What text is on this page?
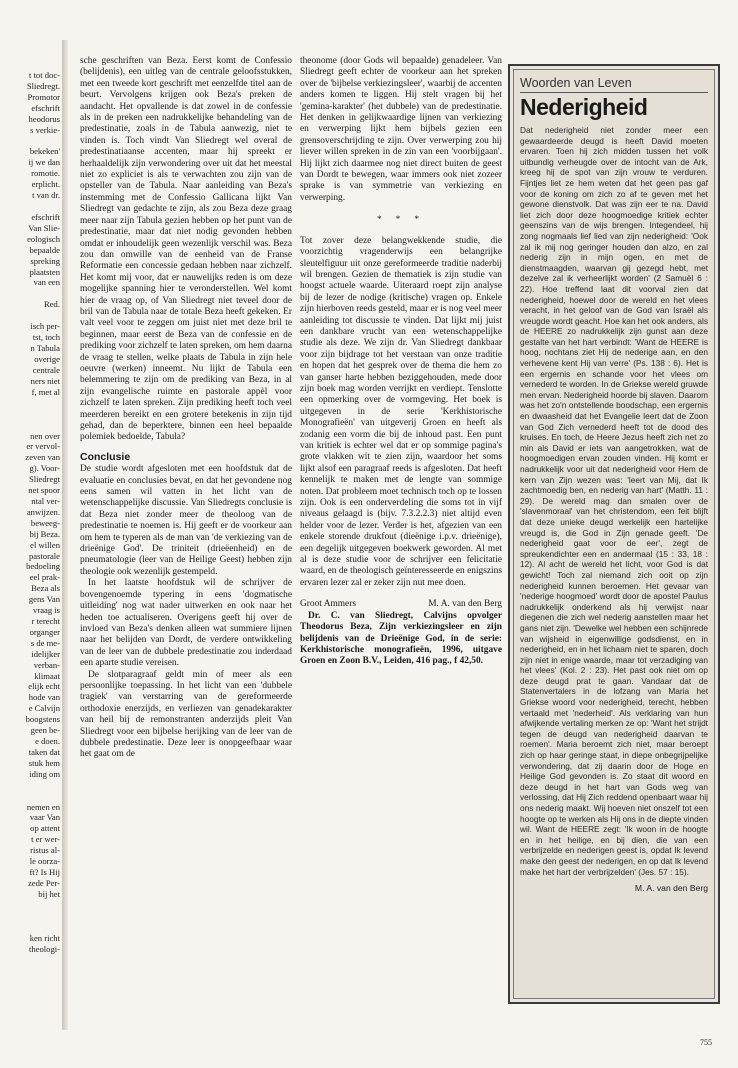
t tot doc-

Sliedregt.

Promotor

efschrift

heodorus

s verkie-

bekeken'

ij we dan

romotie.

erplicht.

t van dr.

efschrift

Van Slie-

eologisch

bepaalde

spreking

plaatsten

van een

Red.

isch per-

tst, toch

n Tabula

overige

centrale

ners niet

f, met al

nen over

er vervol-

zeven van

g). Voor-

Sliedregt

net spoor

ntal ver-

anwijzen.

beweeg-

bij Beza.

el willen

pastorale

bedoeling

eel prak-

Beza als

gens Van

vraag is

r terecht

organger

s de me-

idelijker

verban-

klimaat

elijk echt

hode van

e Calvijn

boogstens

geen be-

e doen.

taken dat

stuk hem

iding om

nemen en

vaar Van

op attent

t er wer-

ristus al-

le oorza-

ft? Is Hij

zede Per-

bij het

ken richt

theologi-

sche geschriften van Beza. Eerst komt de Confessio (belijdenis), een uitleg van de centrale geloofsstukken, met een tweede kort geschrift met eenzelfde titel aan de beurt. Vervolgens krijgen ook Beza's preken de aandacht. Het opvallende is dat zowel in de confessie als in de preken een nadrukkelijke behandeling van de predestinatie, zoals in de Tabula aanwezig, niet te vinden is. Toch vindt Van Sliedregt wel overal de predestinatiaanse accenten, maar hij spreekt er herhaaldelijk zijn verwondering over uit dat het meestal niet zo expliciet is als te verwachten zou zijn van de opsteller van de Tabula. Naar aanleiding van Beza's instemming met de Confessio Gallicana lijkt Van Sliedregt van gedachte te zijn, als zou Beza deze graag meer naar zijn Tabula gezien hebben op het punt van de predestinatie, maar dat niet nodig gevonden hebben omdat er inhoudelijk geen wezenlijk verschil was. Beza zou dan omwille van de eenheid van de Franse Reformatie een concessie gedaan hebben naar zichzelf. Het komt mij voor, dat er nauwelijks reden is om deze mogelijke spanning hier te veronderstellen. Wel komt hier de vraag op, of Van Sliedregt niet teveel door de bril van de Tabula naar de totale Beza heeft gekeken. Er valt veel voor te zeggen om juist niet met deze bril te beginnen, maar eerst de Beza van de confessie en de prediking voor zichzelf te laten spreken, om hem daarna de vraag te stellen, welke plaats de Tabula in zijn hele oeuvre (werken) inneemt. Nu lijkt de Tabula een belemmering te zijn om de prediking van Beza, in al zijn evangelische ruimte en pastorale appèl voor zichzelf te laten spreken. Zijn prediking heeft toch veel meerderen bereikt en een grotere betekenis in zijn tijd gehad, dan de beperktere, binnen een heel bepaalde polemiek bedoelde, Tabula?

Conclusie

De studie wordt afgesloten met een hoofdstuk dat de evaluatie en conclusies bevat, en dat het gevondene nog eens samen wil vatten in het licht van de wetenschappelijke discussie. Van Sliedregts conclusie is dat Beza niet zonder meer de theoloog van de predestinatie te noemen is. Hij geeft er de voorkeur aan om hem te typeren als de man van 'de verkiezing van de drieënige God'. De triniteit (drieëenheid) en de pneumatologie (leer van de Heilige Geest) hebben zijn theologie ook wezenlijk gestempeld.

In het laatste hoofdstuk wil de schrijver de bovengenoemde typering in eens 'dogmatische uitleiding' nog wat nader uitwerken en ook naar het heden toe actualiseren. Overigens geeft hij over de invloed van Beza's denken alleen wat summiere lijnen naar het belijden van Dordt, de verdere ontwikkeling van de leer van de dubbele predestinatie zou inderdaad een aparte studie vereisen.

De slotparagraaf geldt min of meer als een persoonlijke toepassing. In het licht van een 'dubbele tragiek' van verstarring van de gereformeerde orthodoxie enerzijds, en verliezen van genadekarakter van heil bij de remonstranten anderzijds pleit Van Sliedregt voor een bijbelse herijking van de leer van de dubbele predestinatie. Deze leer is onopgeefbaar waar het gaat om de

theonome (door Gods wil bepaalde) genadeleer. Van Sliedregt geeft echter de voorkeur aan het spreken over de 'bijbelse verkiezingsleer', waarbij de accenten anders komen te liggen. Hij stelt vragen bij het 'gemina-karakter' (het dubbele) van de predestinatie. Het denken in gelijkwaardige lijnen van verkiezing en verwerping lijkt hem bijbels gezien een grensoverschrijding te zijn. Over verwerping zou hij liever willen spreken in de zin van een 'voorbijgaan'. Hij lijkt zich daarmee nog niet direct buiten de geest van Dordt te bewegen, waar immers ook niet zozeer sprake is van symmetrie van verkiezing en verwerping.

* * *

Tot zover deze belangwekkende studie, die voorzichtig vragenderwijs een belangrijke sleutelfiguur uit onze gereformeerde traditie naderbij wil brengen. Gezien de thematiek is zijn studie van hoogst actuele waarde. Uiteraard roept zijn analyse bij de lezer de nodige (kritische) vragen op. Enkele zijn hierboven reeds gesteld, maar er is nog veel meer aanleiding tot discussie te vinden. Dat lijkt mij juist een dankbare vrucht van een wetenschappelijke studie als deze. We zijn dr. Van Sliedregt dankbaar voor zijn bijdrage tot het verstaan van onze traditie en hopen dat het gesprek over de thema die hem zo van ganser harte hebben beziggehouden, mede door zijn boek mag worden verrijkt en verdiept. Tenslotte een opmerking over de vormgeving. Het boek is uitgegeven in de serie 'Kerkhistorische Monografieën' van uitgeverij Groen en heeft als zodanig een vorm die bij de inhoud past. Een punt van kritiek is echter wel dat er op sommige pagina's grote vlakken wit te zien zijn, waardoor het soms lijkt alsof een paragraaf reeds is afgesloten. Dat heeft kennelijk te maken met de lengte van sommige noten. Dat probleem moet technisch toch op te lossen zijn. Ook is een onderverdeling die soms tot in vijf niveaus gelaagd is (bijv. 7.3.2.2.3) niet altijd even helder voor de lezer. Verder is het, afgezien van een enkele storende drukfout (dieënige i.p.v. drieënige), een degelijk uitgegeven boekwerk geworden. Al met al is deze studie voor de schrijver een felicitatie waard, en de theologisch geïnteresseerde en enigszins ervaren lezer zal er zeker zijn nut mee doen.

Groot Ammers	M. A. van den Berg

Dr. C. van Sliedregt, Calvijns opvolger Theodorus Beza, Zijn verkiezingsleer en zijn belijdenis van de Drieënige God, in de serie: Kerkhistorische monografieën, 1996, uitgave Groen en Zoon B.V., Leiden, 416 pag., f 42,50.

Woorden van Leven
Nederigheid
Dat nederigheid niet zonder meer een gewaardeerde deugd is heeft David moeten ervaren. Toen hij zich midden tussen het volk uitbundig verheugde over de intocht van de Ark, kreeg hij de spot van zijn vrouw te verduren. Fijntjes liet ze hem weten dat het geen pas gaf voor de koning om zich zo af te geven met het gewone dienstvolk. Dat was zijn eer te na. David liet zich door deze hoogmoedige kritiek echter geenszins van de wijs brengen. Integendeel, hij zong nogmaals lief lied van zijn nederigheid: 'Ook zal ik mij nog geringer houden dan alzo, en zal nederig zijn in mijn ogen, en met de dienstmaagden, waarvan gij gezegd hebt, met dezelve zal ik verheerlijkt worden' (2 Samuël 6 : 22). Hoe treffend laat dit voorval zien dat nederigheid, hoewel door de wereld en het vlees veracht, in het geloof van de God van Israël als vreugde wordt geacht. Hoe kan het ook anders, als de HEERE zo nadrukkelijk zijn gunst aan deze gestalte van het hart verbindt: 'Want de HEERE is hoog, nochtans ziet Hij de nederige aan, en den verhevene kent Hij van verre' (Ps. 138 : 6). Het is een ergernis en schande voor het vlees om vernederd te worden. In de Griekse wereld gruwde men ervan. Nederigheid hoorde bij slaven. Daarom was het zo'n ontstellende boodschap, een ergernis en dwaasheid dat het Evangelie leert dat de Zoon van God Zich vernederd heeft tot de dood des kruises. En toch, de Heere Jezus heeft zich net zo min als David er iets van aangetrokken, wat de hoogmoedigen ervan zouden vinden. Hij komt er nadrukkelijk voor uit dat nederigheid voor Hem de kern van Zijn wezen was: 'leert van Mij, dat Ik zachtmoedig ben, en nederig van hart' (Matth. 11 : 29). De wereld mag dan smalen over de 'slavenmoraal' van het christendom, een feit blijft dat deze unieke deugd werkelijk een hartelijke vreugd is, die God in Zijn genade geeft. 'De nederigheid gaat voor de eer', zegt de spreukendichter een en andermaal (15 : 33, 18 : 12). Al acht de wereld het licht, voor God is dat gewicht! Toch zal niemand zich ooit op zijn nederigheid kunnen beroemen. Het gevaar van 'nederige hoogmoed' wordt door de apostel Paulus nadrukkelijk onderkend als hij verwijst naar diegenen die zich wel nederig aanstellen maar het gans niet zijn. 'Dewelke wel hebben een schijnrede van wijsheid in eigenwillige godsdienst, en in nederigheid, en in het lichaam niet te sparen, doch zijn niet in enige waarde, maar tot verzadiging van het vlees' (Kol. 2 : 23). Het past ook niet om op deze deugd prat te gaan. Vandaar dat de Statenvertalers in de lofzang van Maria het Griekse woord voor nederigheid, terecht, hebben vertaald met 'nederheid'. Als verklaring van hun afwijkende vertaling merken ze op: 'Want het strijdt tegen de deugd van nederigheid daarvan te roemen'. Maria beroemt zich niet, maar beroept zich op haar geringe staat, in diepe onbegrijpelijke verwondering, dat zij daarin door de Hoge en Heilige God gevonden is. Zo staat dit woord en deze deugd in het hart van Gods weg van verlossing, dat Hij Zich reddend openbaart waar hij ons nederig maakt. Wij hoeven niet onszelf tot een hoogte op te werken als Hij ons in de diepte vinden wil. Want de HEERE zegt: 'Ik woon in de hoogte en in het heilige, en bij dien, die van een verbrijzelde en nederigen geest is, opdat Ik levend make den geest der nederigen, en op dat Ik levend make het hart der verbrijzelden' (Jes. 57 : 15).
M. A. van den Berg
755
